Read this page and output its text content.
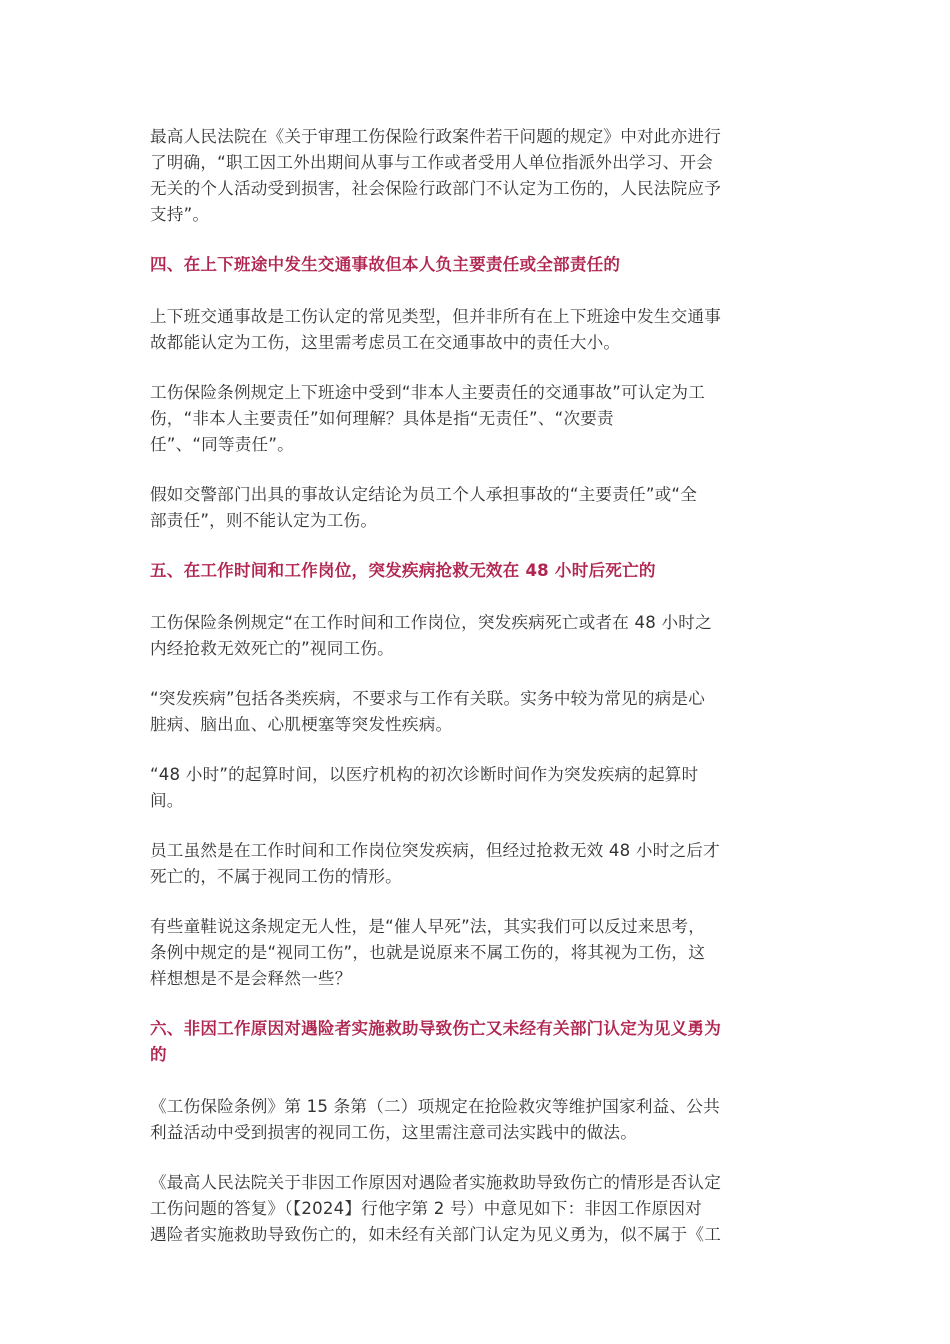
最高人民法院在《关于审理工伤保险行政案件若干问题的规定》中对此亦进行
了明确，“职工因工外出期间从事与工作或者受用人单位指派外出学习、开会
无关的个人活动受到损害，社会保险行政部门不认定为工伤的，人民法院应予
支持”。
四、在上下班途中发生交通事故但本人负主要责任或全部责任的
上下班交通事故是工伤认定的常见类型，但并非所有在上下班途中发生交通事
故都能认定为工伤，这里需考虑员工在交通事故中的责任大小。
工伤保险条例规定上下班途中受到“非本人主要责任的交通事故”可认定为工
伤，“非本人主要责任”如何理解？具体是指“无责任”、“次要责
任”、“同等责任”。
假如交警部门出具的事故认定结论为员工个人承担事故的“主要责任”或“全
部责任”，则不能认定为工伤。
五、在工作时间和工作岗位，突发疾病抢救无效在 48 小时后死亡的
工伤保险条例规定“在工作时间和工作岗位，突发疾病死亡或者在 48 小时之
内经抢救无效死亡的”视同工伤。
“突发疾病”包括各类疾病，不要求与工作有关联。实务中较为常见的病是心
脏病、脑出血、心肌梗塞等突发性疾病。
“48 小时”的起算时间，以医疗机构的初次诊断时间作为突发疾病的起算时
间。
员工虽然是在工作时间和工作岗位突发疾病，但经过抢救无效 48 小时之后才
死亡的，不属于视同工伤的情形。
有些童鞋说这条规定无人性，是“催人早死”法，其实我们可以反过来思考，
条例中规定的是“视同工伤”，也就是说原来不属工伤的，将其视为工伤，这
样想想是不是会释然一些？
六、非因工作原因对遇险者实施救助导致伤亡又未经有关部门认定为见义勇为
的
《工伤保险条例》第 15 条第（二）项规定在抢险救灾等维护国家利益、公共
利益活动中受到损害的视同工伤，这里需注意司法实践中的做法。
《最高人民法院关于非因工作原因对遇险者实施救助导致伤亡的情形是否认定
工伤问题的答复》（【2024】行他字第 2 号）中意见如下：非因工作原因对
遇险者实施救助导致伤亡的，如未经有关部门认定为见义勇为，似不属于《工
